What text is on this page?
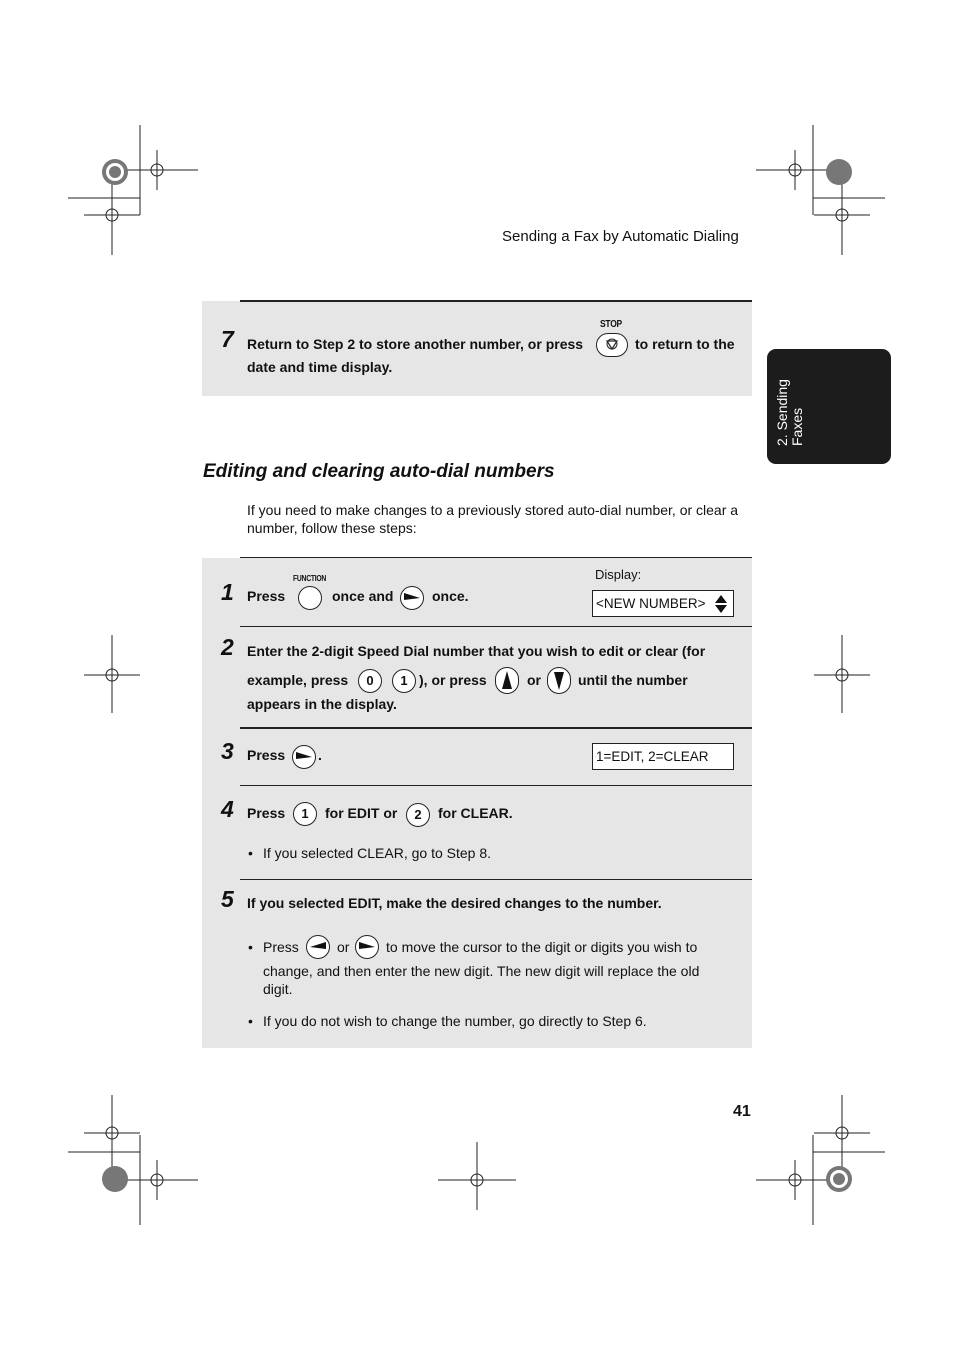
Sending a Fax by Automatic Dialing
2. Sending Faxes
7
STOP
Return to Step 2 to store another number, or press	to return to the
date and time display.
Editing and clearing auto-dial numbers
If you need to make changes to a previously stored auto-dial number, or clear a number, follow these steps:
1 Press
FUNCTION
once and	once.
Display:
<NEW NUMBER>
2 Enter the 2-digit Speed Dial number that you wish to edit or clear (for
example, press	0	1 ), or press	or	until the number
appears in the display.
3 Press .	1=EDIT, 2=CLEAR
4 Press	1	for EDIT or	2	for CLEAR.
• If you selected CLEAR, go to Step 8.
5 If you selected EDIT, make the desired changes to the number.
• Press	or	to move the cursor to the digit or digits you wish to
change, and then enter the new digit. The new digit will replace the old
digit.
• If you do not wish to change the number, go directly to Step 6.
41
